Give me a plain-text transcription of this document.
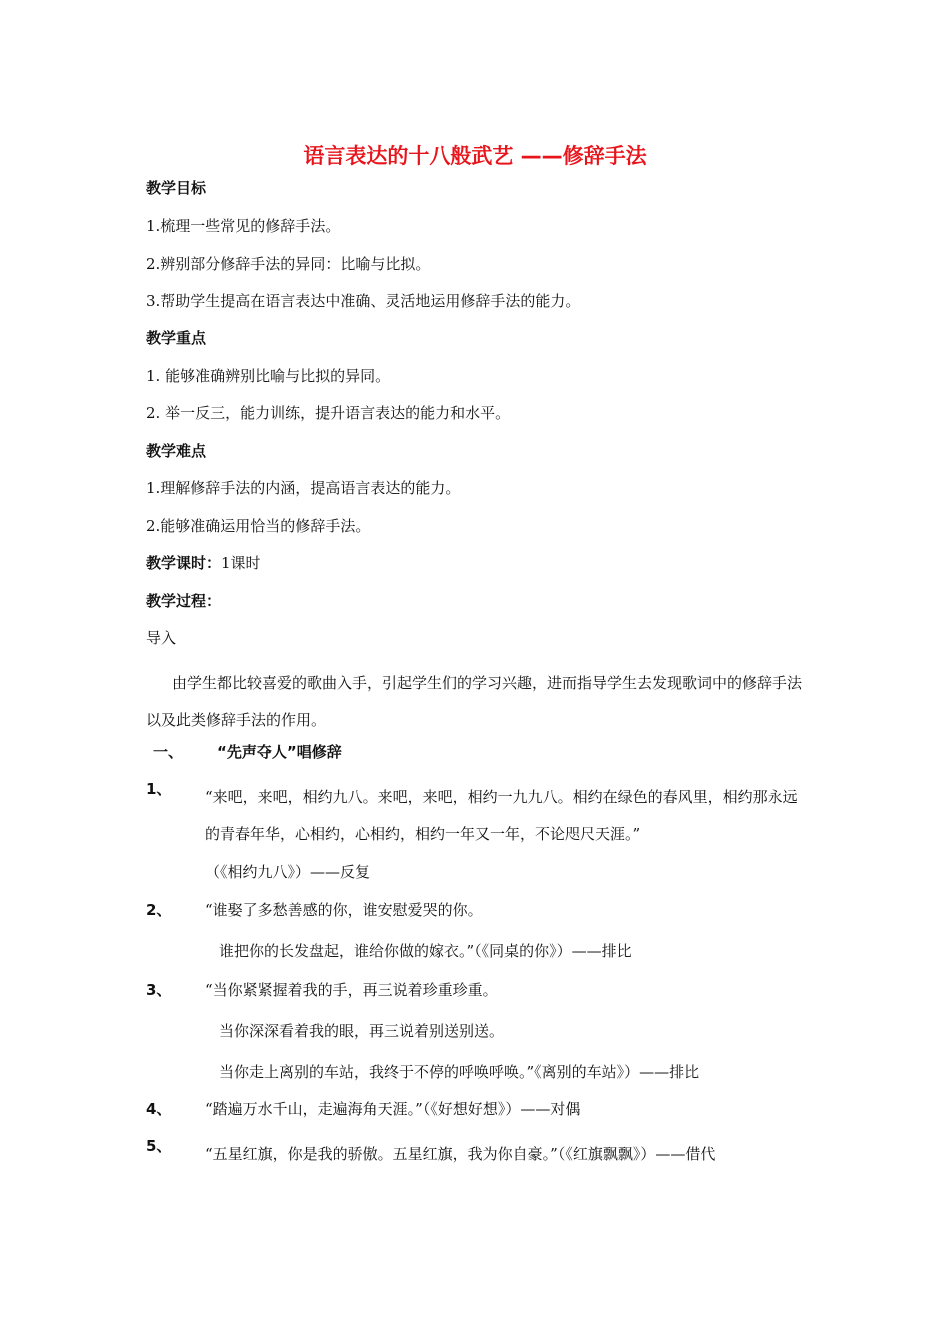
语言表达的十八般武艺 ——修辞手法
教学目标
1.梳理一些常见的修辞手法。
2.辨别部分修辞手法的异同：比喻与比拟。
3.帮助学生提高在语言表达中准确、灵活地运用修辞手法的能力。
教学重点
1. 能够准确辨别比喻与比拟的异同。
2. 举一反三，能力训练，提升语言表达的能力和水平。
教学难点
1.理解修辞手法的内涵，提高语言表达的能力。
2.能够准确运用恰当的修辞手法。
教学课时：1课时
教学过程：
导入
由学生都比较喜爱的歌曲入手，引起学生们的学习兴趣，进而指导学生去发现歌词中的修辞手法以及此类修辞手法的作用。
一、 “先声夺人”唱修辞
1、 “来吧，来吧，相约九八。来吧，来吧，相约一九九八。相约在绿色的春风里，相约那永远的青春年华，心相约，心相约，相约一年又一年，不论咫尺天涯。”
（《相约九八》）——反复
2、 “谁娶了多愁善感的你，谁安慰爱哭的你。
谁把你的长发盘起，谁给你做的嫁衣。”（《同桌的你》）——排比
3、 “当你紧紧握着我的手，再三说着珍重珍重。
当你深深看着我的眼，再三说着别送别送。
当你走上离别的车站，我终于不停的呼唤呼唤。”《离别的车站》）——排比
4、 “踏遍万水千山，走遍海角天涯。”（《好想好想》）——对偶
5、 “五星红旗，你是我的骄傲。五星红旗，我为你自豪。”（《红旗飘飘》）——借代
